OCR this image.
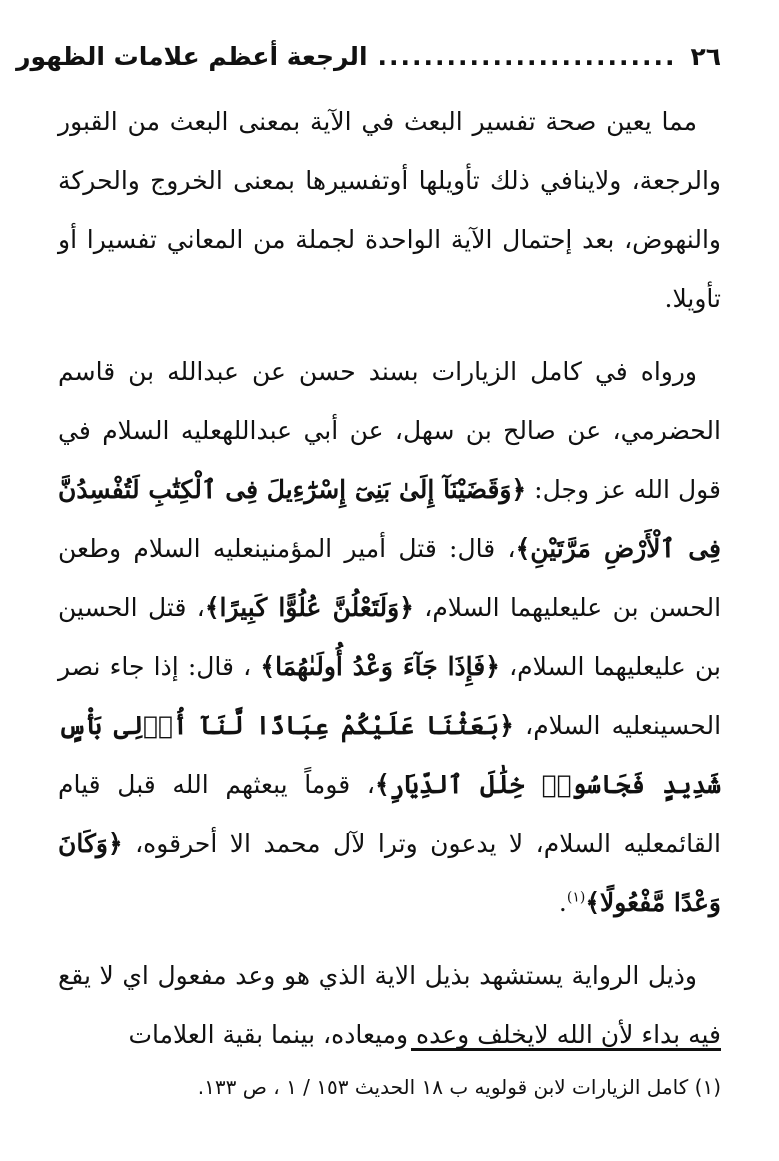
٢٦
..........................
الرجعة أعظم علامات الظهور

مما يعين صحة تفسير البعث في الآية بمعنى البعث من القبور والرجعة، ولاينافي ذلك تأويلها أوتفسيرها بمعنى الخروج والحركة والنهوض، بعد إحتمال الآية الواحدة لجملة من المعاني تفسيرا أو تأويلا.

ورواه في كامل الزيارات بسند حسن عن عبدالله بن قاسم الحضرمي، عن صالح بن سهل، عن أبي عبداللهعليه السلام في قول الله عز وجل: ﴿وَقَضَيْنَآ إِلَىٰ بَنِىٓ إِسْرَٰٓءِيلَ فِى ٱلْكِتَٰبِ لَتُفْسِدُنَّ فِى ٱلْأَرْضِ مَرَّتَيْنِ﴾، قال: قتل أمير المؤمنينعليه السلام وطعن الحسن بن عليعليهما السلام، ﴿وَلَتَعْلُنَّ عُلُوًّا كَبِيرًا﴾، قتل الحسين بن عليعليهما السلام، ﴿فَإِذَا جَآءَ وَعْدُ أُولَىٰهُمَا﴾ ، قال: إذا جاء نصر الحسينعليه السلام، ﴿بَعَثْنَا عَلَيْكُمْ عِبَادًا لَّنَآ أُو۟لِى بَأْسٍ شَدِيدٍ فَجَاسُوا۟ خِلَٰلَ ٱلدِّيَارِ﴾، قوماً يبعثهم الله قبل قيام القائمعليه السلام، لا يدعون وترا لآل محمد الا أحرقوه، ﴿وَكَانَ وَعْدًا مَّفْعُولًا﴾$^{(١)}$.

وذيل الرواية يستشهد بذيل الاية الذي هو وعد مفعول اي لا يقع فيه بداء لأن الله لايخلف وعده وميعاده، بينما بقية العلامات

(١) كامل الزيارات لابن قولويه ب ١٨ الحديث ١٥٣ / ١ ، ص ١٣٣.
